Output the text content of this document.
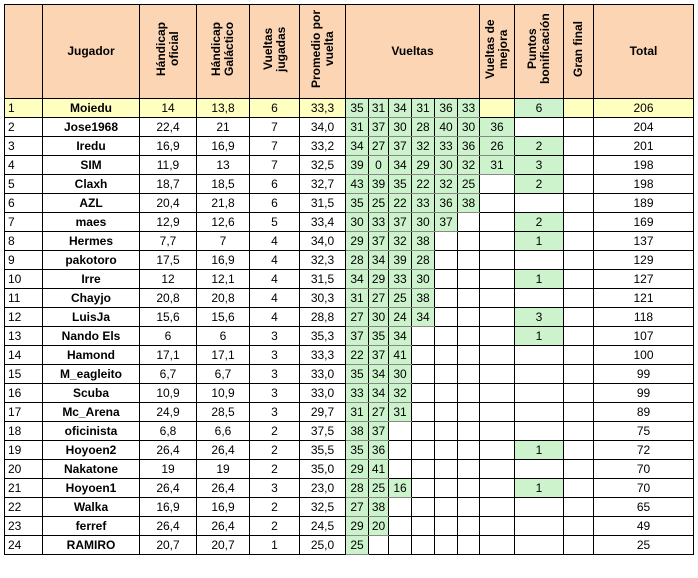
	Jugador	Hándicap oficial	Hándicap Galáctico	Vueltas jugadas	Promedio por vuelta	Vueltas						Vueltas de mejora	Puntos bonificación	Gran final	Total
1	Moiedu	14	13,8	6	33,3	35	31	34	31	36	33		6		206
2	Jose1968	22,4	21	7	34,0	31	37	30	28	40	30	36			204
3	Iredu	16,9	16,9	7	33,2	34	27	37	32	33	36	26	2		201
4	SIM	11,9	13	7	32,5	39	0	34	29	30	32	31	3		198
5	Claxh	18,7	18,5	6	32,7	43	39	35	22	32	25		2		198
6	AZL	20,4	21,8	6	31,5	35	25	22	33	36	38				189
7	maes	12,9	12,6	5	33,4	30	33	37	30	37			2		169
8	Hermes	7,7	7	4	34,0	29	37	32	38				1		137
9	pakotoro	17,5	16,9	4	32,3	28	34	39	28						129
10	Irre	12	12,1	4	31,5	34	29	33	30				1		127
11	Chayjo	20,8	20,8	4	30,3	31	27	25	38						121
12	LuisJa	15,6	15,6	4	28,8	27	30	24	34				3		118
13	Nando Els	6	6	3	35,3	37	35	34					1		107
14	Hamond	17,1	17,1	3	33,3	22	37	41							100
15	M_eagleito	6,7	6,7	3	33,0	35	34	30							99
16	Scuba	10,9	10,9	3	33,0	33	34	32							99
17	Mc_Arena	24,9	28,5	3	29,7	31	27	31							89
18	oficinista	6,8	6,6	2	37,5	38	37								75
19	Hoyoen2	26,4	26,4	2	35,5	35	36						1		72
20	Nakatone	19	19	2	35,0	29	41								70
21	Hoyoen1	26,4	26,4	3	23,0	28	25	16					1		70
22	Walka	16,9	16,9	2	32,5	27	38								65
23	ferref	26,4	26,4	2	24,5	29	20								49
24	RAMIRO	20,7	20,7	1	25,0	25									25
